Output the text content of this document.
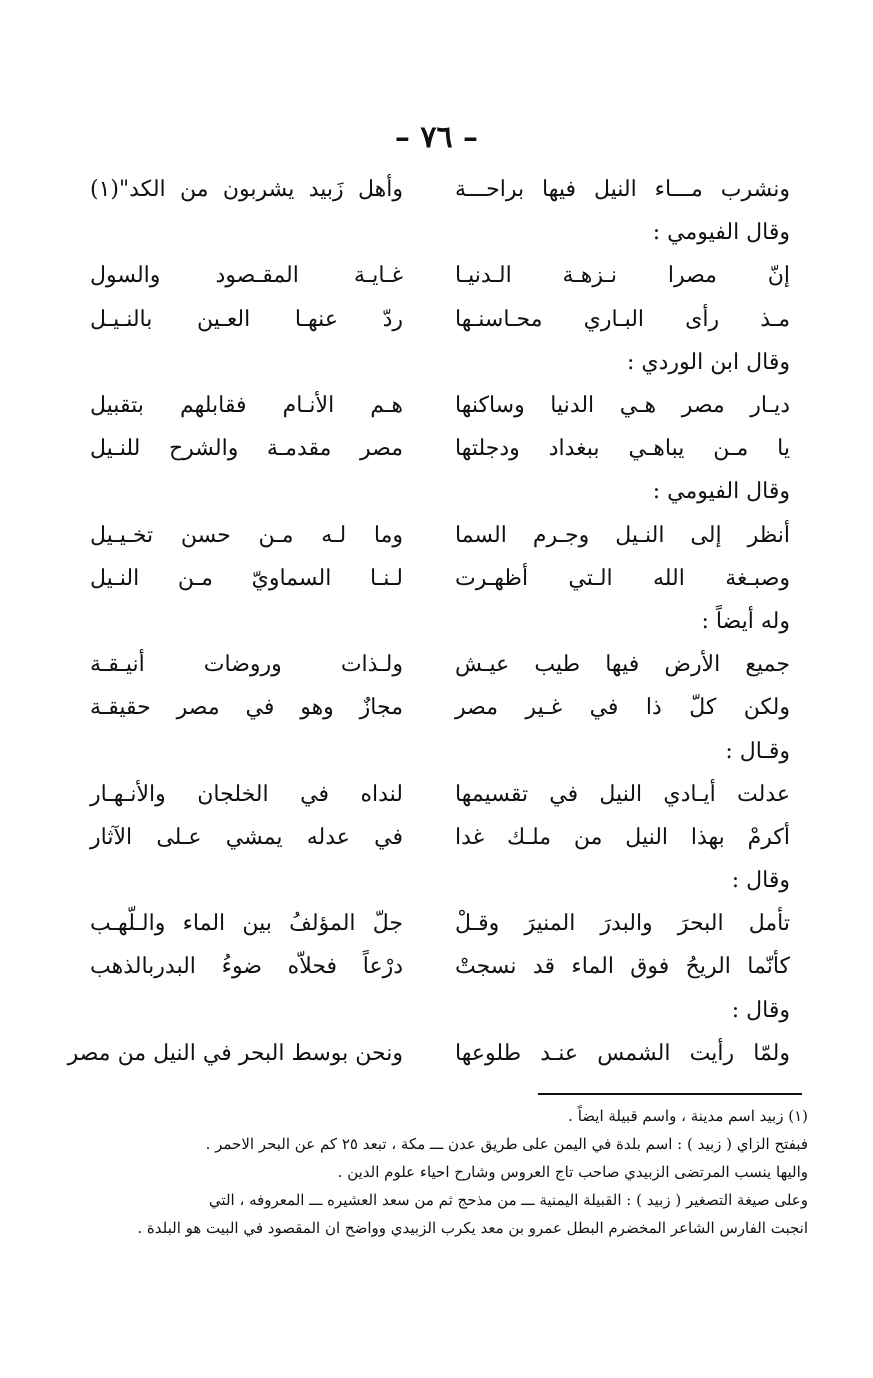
– ٧٦ –
ونشرب مـــاء النيل فيها براحـــة
وأهل زَبيد يشربون من الكد"(١)
وقال الفيومي :
إنّ مصرا نـزهـة الـدنيـا
غـايـة المقـصود والسول
مـذ رأى البـاري محـاسنـها
ردّ عنهـا العـين بالنـيـل
وقال ابن الوردي :
ديـار مصر هـي الدنيا وساكنها
هـم الأنـام فقابلهم بتقبيل
يا مـن يباهـي ببغداد ودجلتها
مصر مقدمـة والشرح للنـيل
وقال الفيومي :
أنظر إلى النـيل وجـرم السما
وما لـه مـن حسن تخـيـيل
وصبـغة الله الـتي أظهـرت
لـنـا السماويّ مـن النـيل
وله أيضاً :
جميع الأرض فيها طيب عيـش
ولـذات وروضات أنيـقـة
ولكن كلّ ذا في غـير مصر
مجازٌ وهو في مصر حقيقـة
وقـال :
عدلت أيـادي النيل في تقسيمها
لنداه في الخلجان والأنـهـار
أكرمْ بهذا النيل من ملـك غدا
في عدله يمشي عـلى الآثار
وقال :
تأمل البحرَ والبدرَ المنيرَ وقـلْ
جلّ المؤلفُ بين الماء والـلّهـب
كأنّما الريحُ فوق الماء قد نسجتْ
درْعاً فحلاّه ضوءُ البدربالذهب
وقال :
ولمّا رأيت الشمس عنـد طلوعها
ونحن بوسط البحر في النيل من مصر
(١) زبيد اسم مدينة ، واسم قبيلة ايضاً .
فبفتح الزاي ( زبيد ) : اسم بلدة في اليمن على طريق عدن ـــ مكة ، تبعد ٢٥ كم عن البحر الاحمر .
واليها ينسب المرتضى الزبيدي صاحب تاج العروس وشارح احياء علوم الدين .
وعلى صيغة التصغير ( زبيد ) : القبيلة اليمنية ـــ من مذحج ثم من سعد العشيره ـــ المعروفه ، التي
انجبت الفارس الشاعر المخضرم البطل عمرو بن معد يكرب الزبيدي وواضح ان المقصود في البيت هو البلدة .
